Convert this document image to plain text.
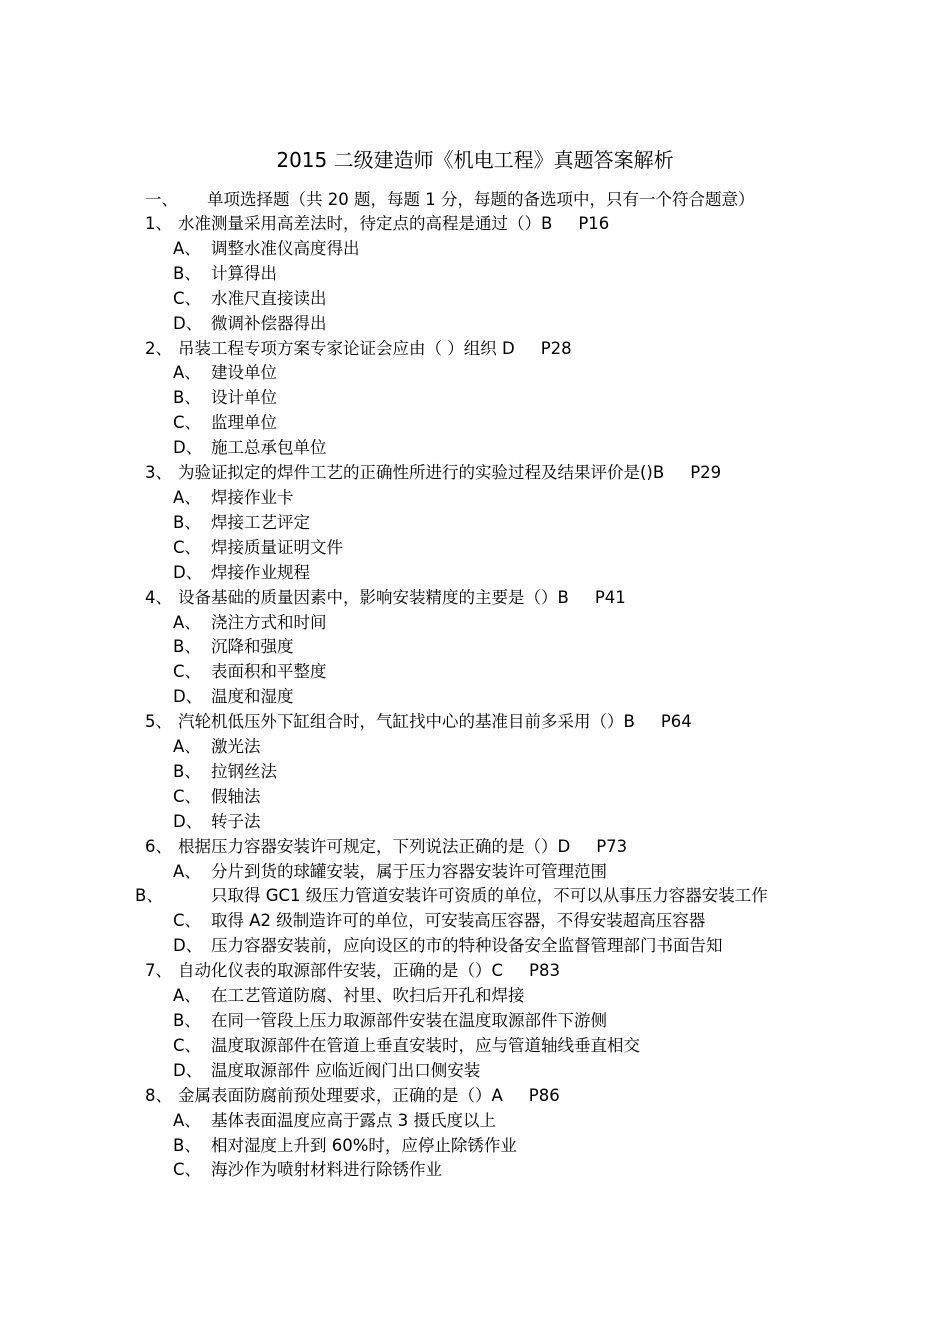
2015 二级建造师《机电工程》真题答案解析
一、 单项选择题（共 20 题，每题 1 分，每题的备选项中，只有一个符合题意）
1、 水准测量采用高差法时，待定点的高程是通过（）B P16
A、 调整水准仪高度得出
B、 计算得出
C、 水准尺直接读出
D、 微调补偿器得出
2、 吊装工程专项方案专家论证会应由（ ）组织 D P28
A、 建设单位
B、 设计单位
C、 监理单位
D、 施工总承包单位
3、 为验证拟定的焊件工艺的正确性所进行的实验过程及结果评价是()B P29
A、 焊接作业卡
B、 焊接工艺评定
C、 焊接质量证明文件
D、 焊接作业规程
4、 设备基础的质量因素中，影响安装精度的主要是（）B P41
A、 浇注方式和时间
B、 沉降和强度
C、 表面积和平整度
D、 温度和湿度
5、 汽轮机低压外下缸组合时，气缸找中心的基准目前多采用（）B P64
A、 激光法
B、 拉钢丝法
C、 假轴法
D、 转子法
6、 根据压力容器安装许可规定，下列说法正确的是（）D P73
A、 分片到货的球罐安装，属于压力容器安装许可管理范围
B、	只取得 GC1 级压力管道安装许可资质的单位，不可以从事压力容器安装工作
C、 取得 A2 级制造许可的单位，可安装高压容器，不得安装超高压容器
D、 压力容器安装前，应向设区的市的特种设备安全监督管理部门书面告知
7、 自动化仪表的取源部件安装，正确的是（）C P83
A、 在工艺管道防腐、衬里、吹扫后开孔和焊接
B、 在同一管段上压力取源部件安装在温度取源部件下游侧
C、 温度取源部件在管道上垂直安装时，应与管道轴线垂直相交
D、 温度取源部件 应临近阀门出口侧安装
8、 金属表面防腐前预处理要求，正确的是（）A P86
A、 基体表面温度应高于露点 3 摄氏度以上
B、 相对湿度上升到 60%时，应停止除锈作业
C、 海沙作为喷射材料进行除锈作业
